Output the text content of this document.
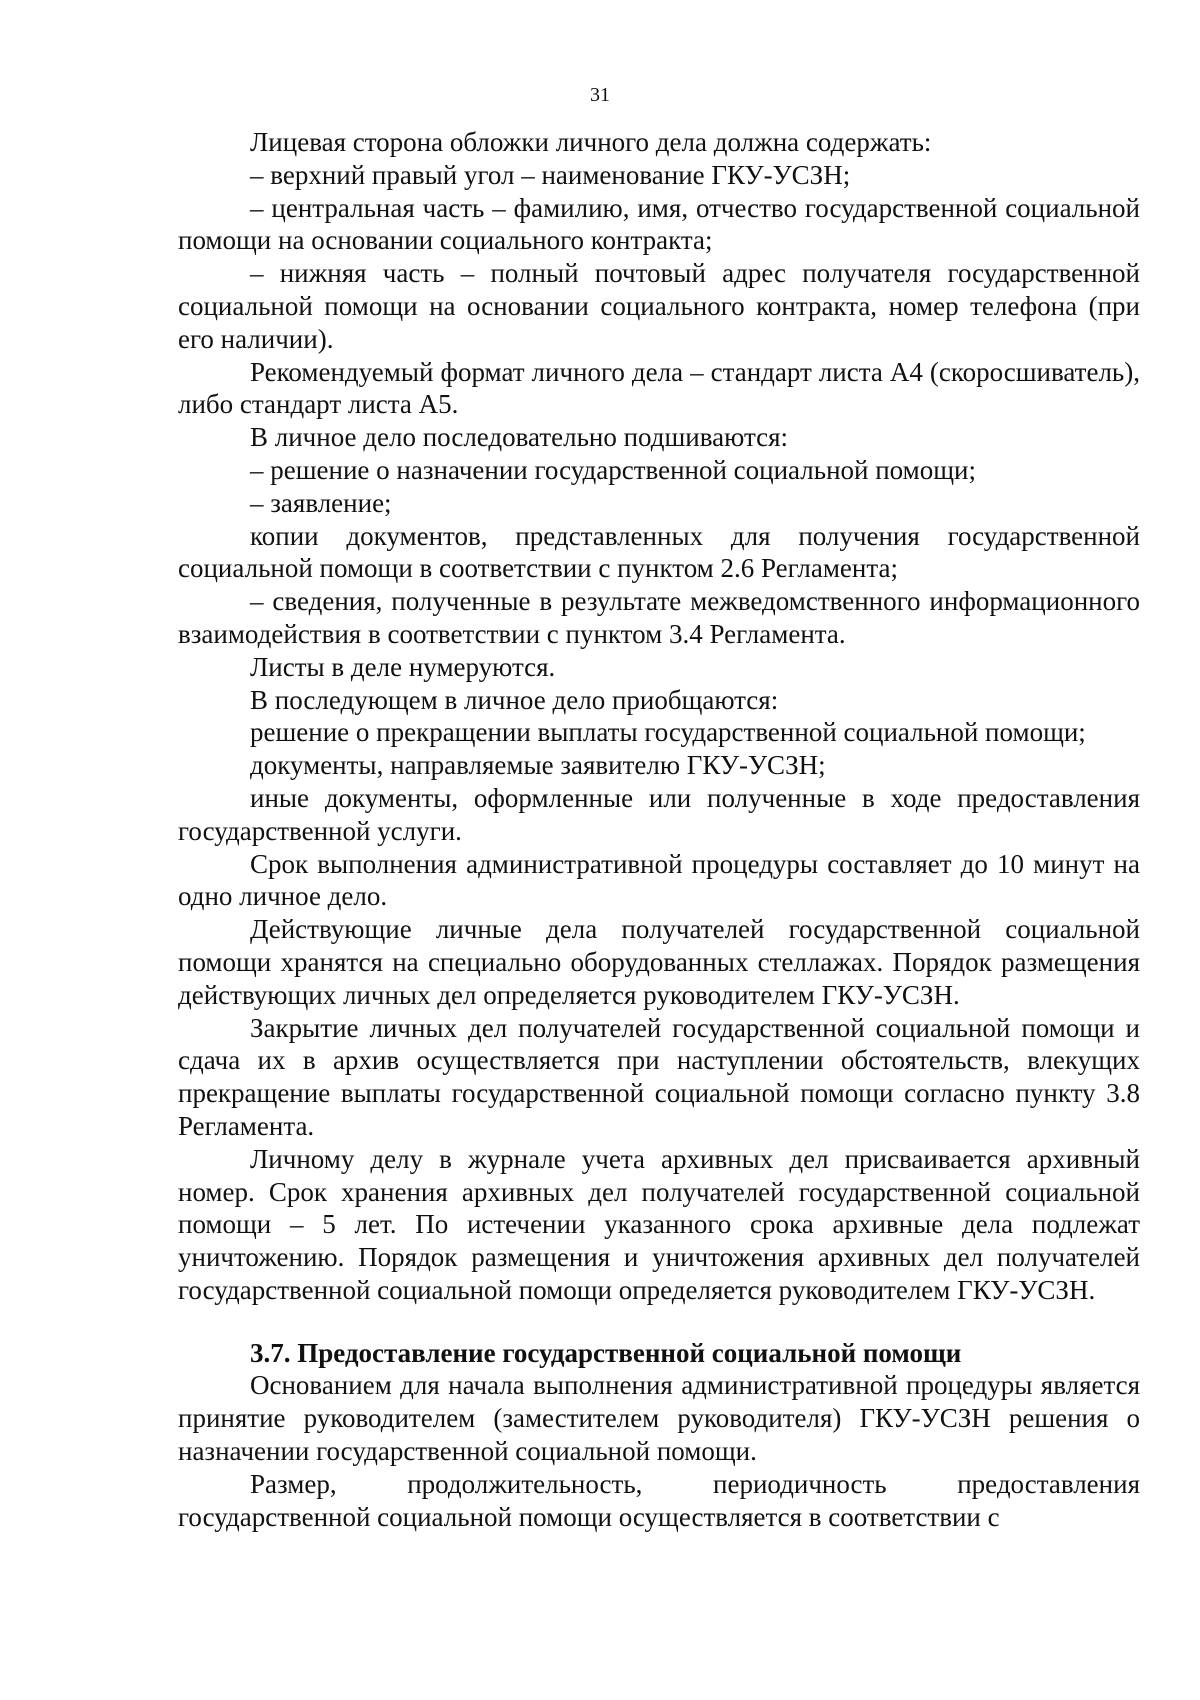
31

Лицевая сторона обложки личного дела должна содержать:

– верхний правый угол – наименование ГКУ-УСЗН;

– центральная часть – фамилию, имя, отчество государственной социальной помощи на основании социального контракта;

– нижняя часть – полный почтовый адрес получателя государственной социальной помощи на основании социального контракта, номер телефона (при его наличии).

Рекомендуемый формат личного дела – стандарт листа А4 (скоросшиватель), либо стандарт листа А5.

В личное дело последовательно подшиваются:

– решение о назначении государственной социальной помощи;

– заявление;

копии документов, представленных для получения государственной социальной помощи в соответствии с пунктом 2.6 Регламента;

– сведения, полученные в результате межведомственного информационного взаимодействия в соответствии с пунктом 3.4 Регламента.

Листы в деле нумеруются.

В последующем в личное дело приобщаются:

решение о прекращении выплаты государственной социальной помощи;

документы, направляемые заявителю ГКУ-УСЗН;

иные документы, оформленные или полученные в ходе предоставления государственной услуги.

Срок выполнения административной процедуры составляет до 10 минут на одно личное дело.

Действующие личные дела получателей государственной социальной помощи хранятся на специально оборудованных стеллажах. Порядок размещения действующих личных дел определяется руководителем ГКУ-УСЗН.

Закрытие личных дел получателей государственной социальной помощи и сдача их в архив осуществляется при наступлении обстоятельств, влекущих прекращение выплаты государственной социальной помощи согласно пункту 3.8 Регламента.

Личному делу в журнале учета архивных дел присваивается архивный номер. Срок хранения архивных дел получателей государственной социальной помощи – 5 лет. По истечении указанного срока архивные дела подлежат уничтожению. Порядок размещения и уничтожения архивных дел получателей государственной социальной помощи определяется руководителем ГКУ-УСЗН.

3.7. Предоставление государственной социальной помощи

Основанием для начала выполнения административной процедуры является принятие руководителем (заместителем руководителя) ГКУ-УСЗН решения о назначении государственной социальной помощи.

Размер, продолжительность, периодичность предоставления государственной социальной помощи осуществляется в соответствии с
